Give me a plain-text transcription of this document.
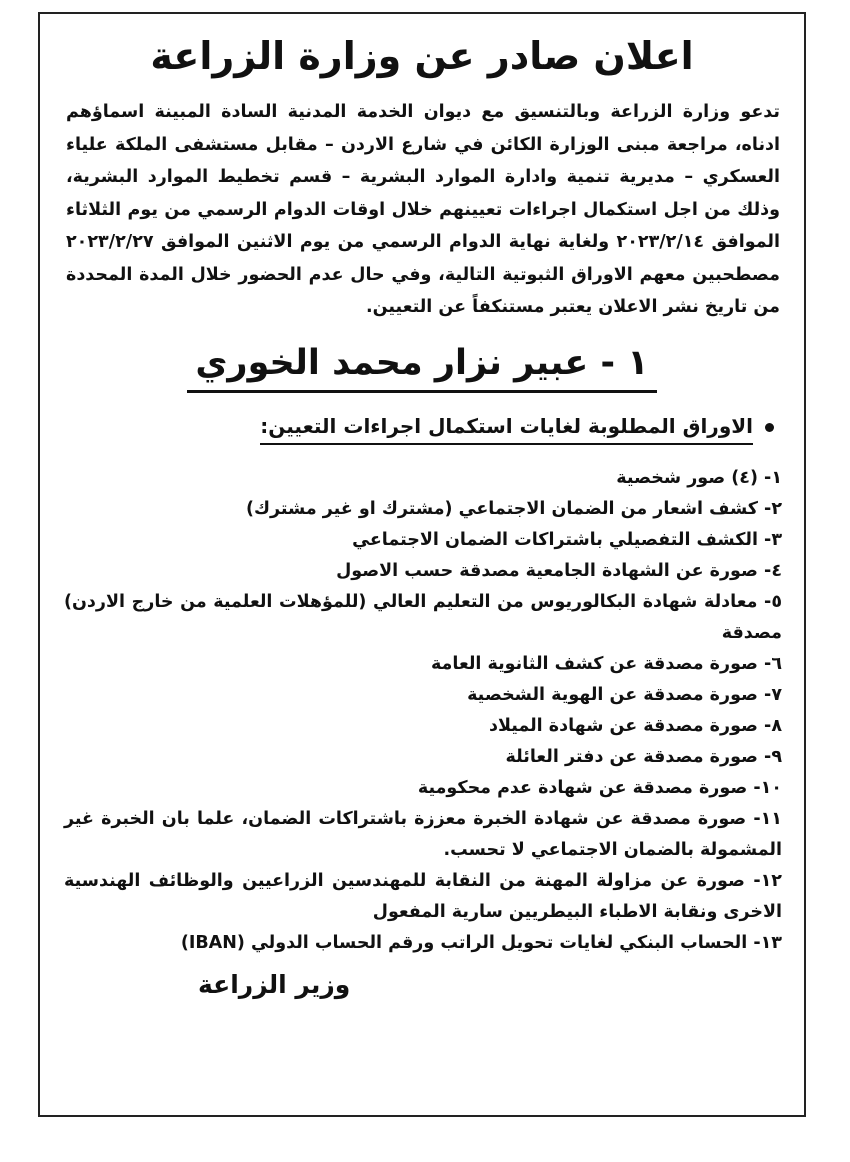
اعلان صادر عن وزارة الزراعة

تدعو وزارة الزراعة وبالتنسيق مع ديوان الخدمة المدنية السادة المبينة اسماؤهم ادناه، مراجعة مبنى الوزارة الكائن في شارع الاردن – مقابل مستشفى الملكة علياء العسكري – مديرية تنمية وادارة الموارد البشرية – قسم تخطيط الموارد البشرية، وذلك من اجل استكمال اجراءات تعيينهم خلال اوقات الدوام الرسمي من يوم الثلاثاء الموافق ٢٠٢٣/٢/١٤ ولغاية نهاية الدوام الرسمي من يوم الاثنين الموافق ٢٠٢٣/٢/٢٧ مصطحبين معهم الاوراق الثبوتية التالية، وفي حال عدم الحضور خلال المدة المحددة من تاريخ نشر الاعلان يعتبر مستنكفاً عن التعيين.

١ - عبير نزار محمد الخوري
الاوراق المطلوبة لغايات استكمال اجراءات التعيين:
١- (٤) صور شخصية
٢- كشف اشعار من الضمان الاجتماعي (مشترك او غير مشترك)
٣- الكشف التفصيلي باشتراكات الضمان الاجتماعي
٤- صورة عن الشهادة الجامعية مصدقة حسب الاصول
٥- معادلة شهادة البكالوريوس من التعليم العالي (للمؤهلات العلمية من خارج الاردن) مصدقة
٦- صورة مصدقة عن كشف الثانوية العامة
٧- صورة مصدقة عن الهوية الشخصية
٨- صورة مصدقة عن شهادة الميلاد
٩- صورة مصدقة عن دفتر العائلة
١٠- صورة مصدقة عن شهادة عدم محكومية
١١- صورة مصدقة عن شهادة الخبرة معززة باشتراكات الضمان، علما بان الخبرة غير المشمولة بالضمان الاجتماعي لا تحسب.
١٢- صورة عن مزاولة المهنة من النقابة للمهندسين الزراعيين والوظائف الهندسية الاخرى ونقابة الاطباء البيطريين سارية المفعول
١٣- الحساب البنكي لغايات تحويل الراتب ورقم الحساب الدولي (IBAN)
وزير الزراعة
